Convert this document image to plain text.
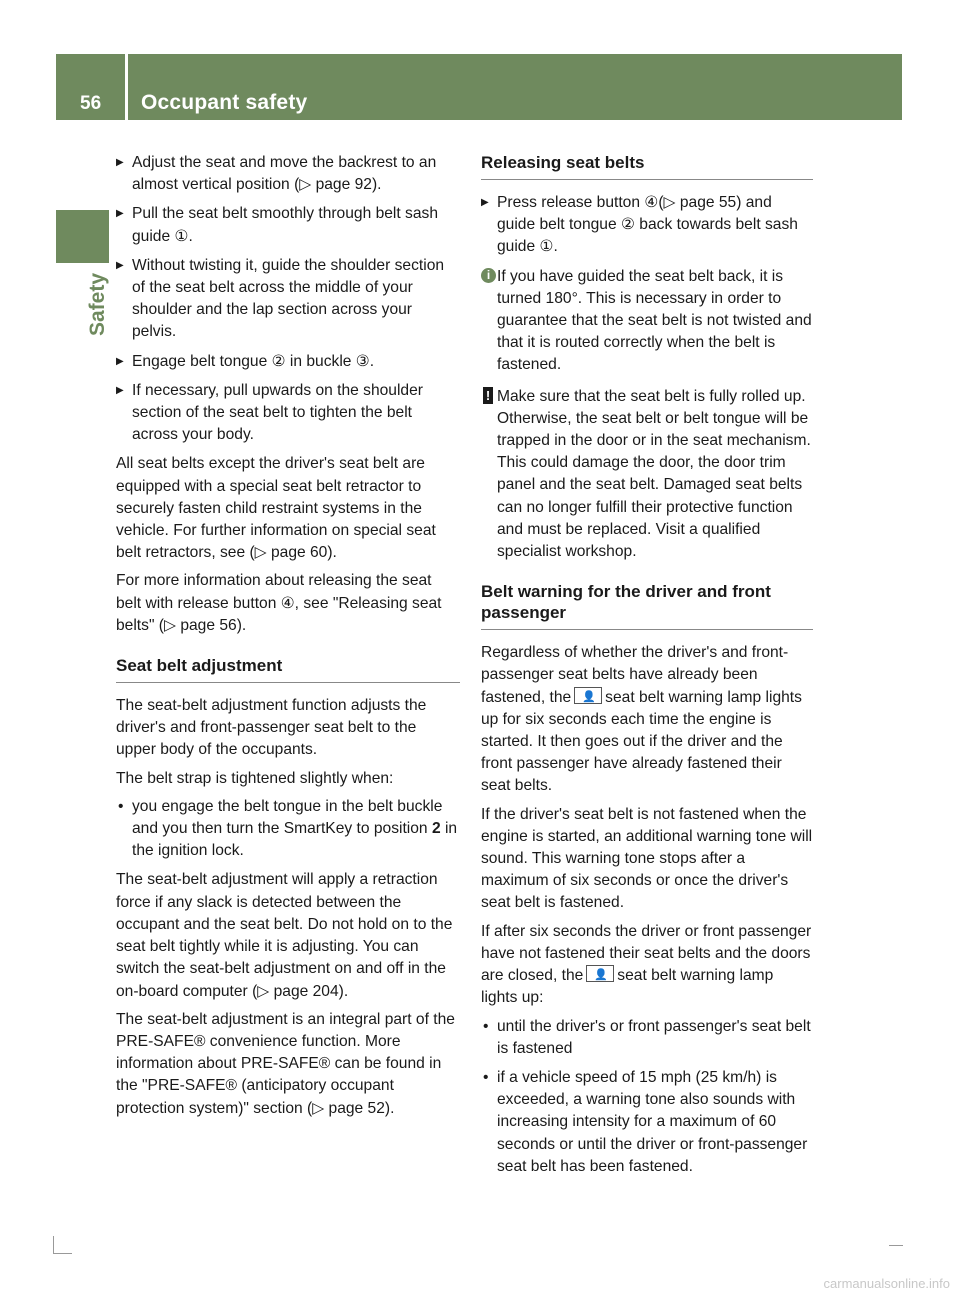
56 Occupant safety
Safety
▶ Adjust the seat and move the backrest to an almost vertical position (▷ page 92).
▶ Pull the seat belt smoothly through belt sash guide ①.
▶ Without twisting it, guide the shoulder section of the seat belt across the middle of your shoulder and the lap section across your pelvis.
▶ Engage belt tongue ② in buckle ③.
▶ If necessary, pull upwards on the shoulder section of the seat belt to tighten the belt across your body.

All seat belts except the driver's seat belt are equipped with a special seat belt retractor to securely fasten child restraint systems in the vehicle. For further information on special seat belt retractors, see (▷ page 60).

For more information about releasing the seat belt with release button ④, see "Releasing seat belts" (▷ page 56).

Seat belt adjustment

The seat-belt adjustment function adjusts the driver's and front-passenger seat belt to the upper body of the occupants.

The belt strap is tightened slightly when:

• you engage the belt tongue in the belt buckle and you then turn the SmartKey to position 2 in the ignition lock.

The seat-belt adjustment will apply a retraction force if any slack is detected between the occupant and the seat belt. Do not hold on to the seat belt tightly while it is adjusting. You can switch the seat-belt adjustment on and off in the on-board computer (▷ page 204).

The seat-belt adjustment is an integral part of the PRE-SAFE® convenience function. More information about PRE-SAFE® can be found in the "PRE-SAFE® (anticipatory occupant protection system)" section (▷ page 52).

Releasing seat belts
▶ Press release button ④(▷ page 55) and guide belt tongue ② back towards belt sash guide ①.
i If you have guided the seat belt back, it is turned 180°. This is necessary in order to guarantee that the seat belt is not twisted and that it is routed correctly when the belt is fastened.
! Make sure that the seat belt is fully rolled up. Otherwise, the seat belt or belt tongue will be trapped in the door or in the seat mechanism. This could damage the door, the door trim panel and the seat belt. Damaged seat belts can no longer fulfill their protective function and must be replaced. Visit a qualified specialist workshop.
Belt warning for the driver and front passenger

Regardless of whether the driver's and front-passenger seat belts have already been fastened, the 👤 seat belt warning lamp lights up for six seconds each time the engine is started. It then goes out if the driver and the front passenger have already fastened their seat belts.

If the driver's seat belt is not fastened when the engine is started, an additional warning tone will sound. This warning tone stops after a maximum of six seconds or once the driver's seat belt is fastened.

If after six seconds the driver or front passenger have not fastened their seat belts and the doors are closed, the 👤 seat belt warning lamp lights up:

• until the driver's or front passenger's seat belt is fastened
• if a vehicle speed of 15 mph (25 km/h) is exceeded, a warning tone also sounds with increasing intensity for a maximum of 60 seconds or until the driver or front-passenger seat belt has been fastened.
carmanualsonline.info
